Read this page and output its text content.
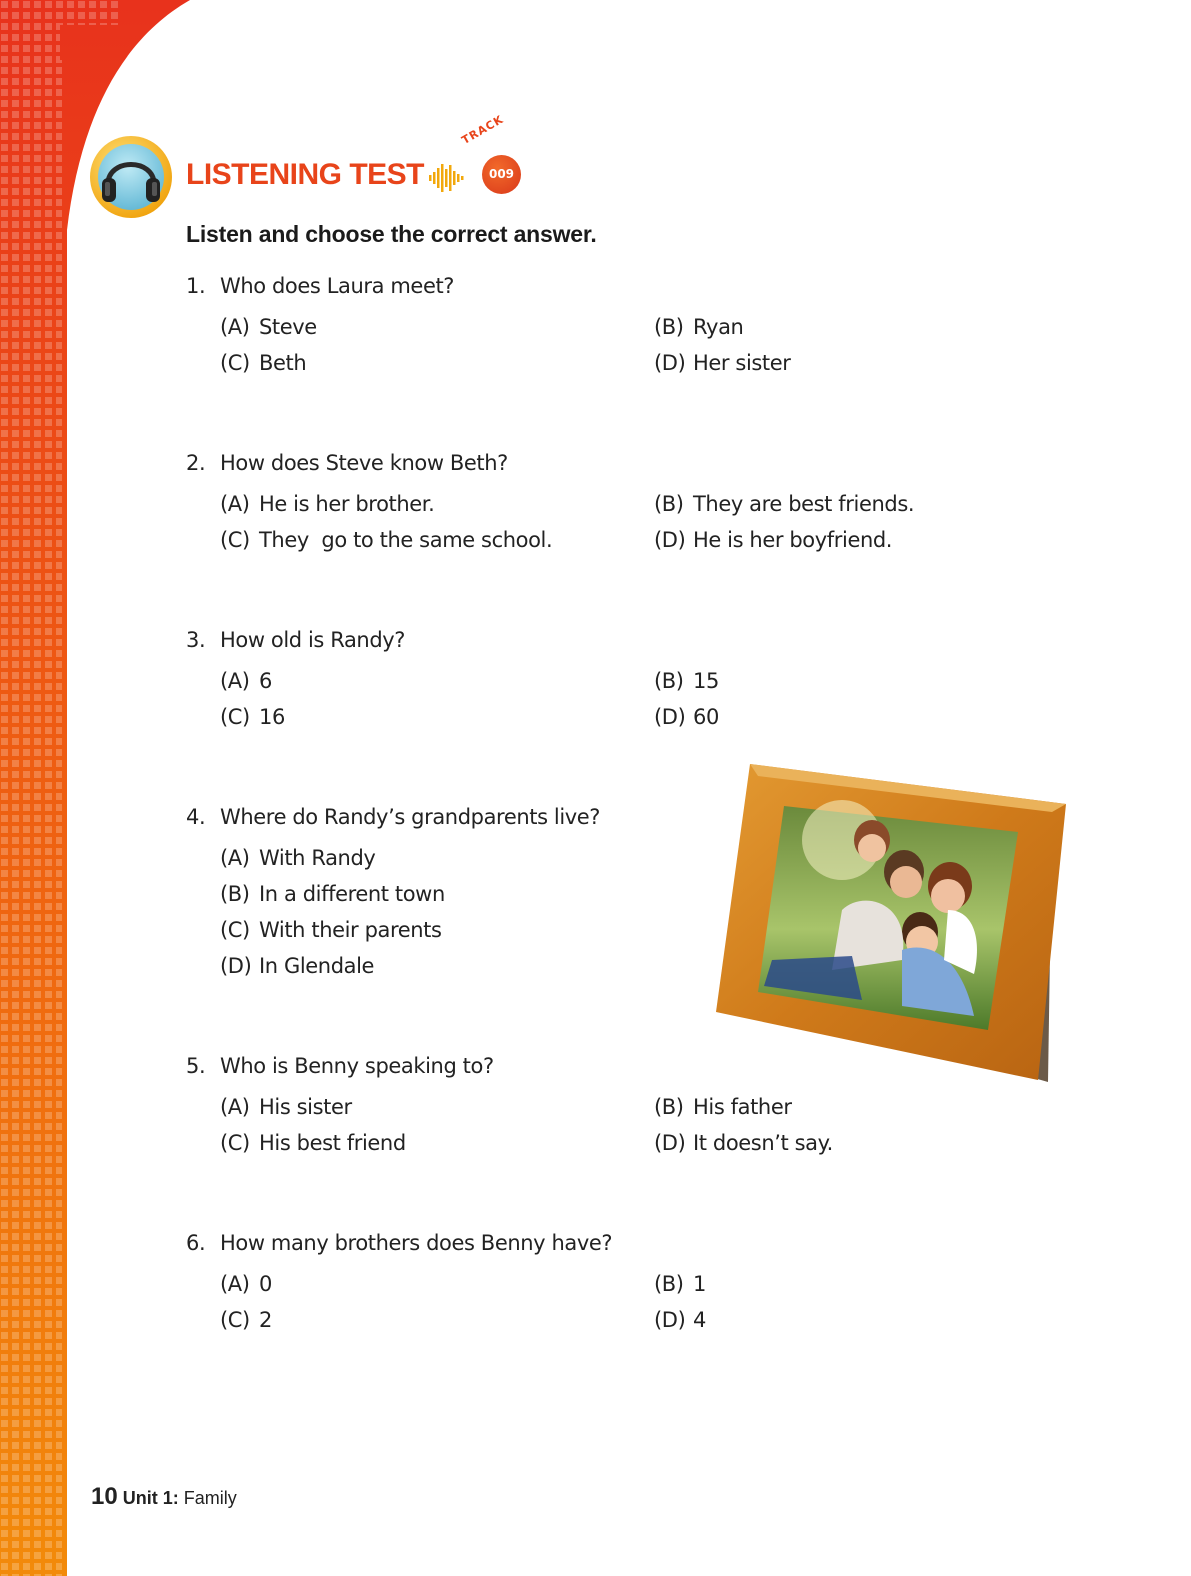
LISTENING TEST
TRACK
009
Listen and choose the correct answer.
1. Who does Laura meet?
(A) Steve	(B) Ryan
(C) Beth	(D) Her sister
2. How does Steve know Beth?
(A) He is her brother.	(B) They are best friends.
(C) They  go to the same school.	(D) He is her boyfriend.
3. How old is Randy?
(A) 6	(B) 15
(C) 16	(D) 60
4. Where do Randy’s grandparents live?
(A) With Randy
(B) In a different town
(C) With their parents
(D) In Glendale
5. Who is Benny speaking to?
(A) His sister	(B) His father
(C) His best friend	(D) It doesn’t say.
6. How many brothers does Benny have?
(A) 0	(B) 1
(C) 2	(D) 4
10 Unit 1: Family
